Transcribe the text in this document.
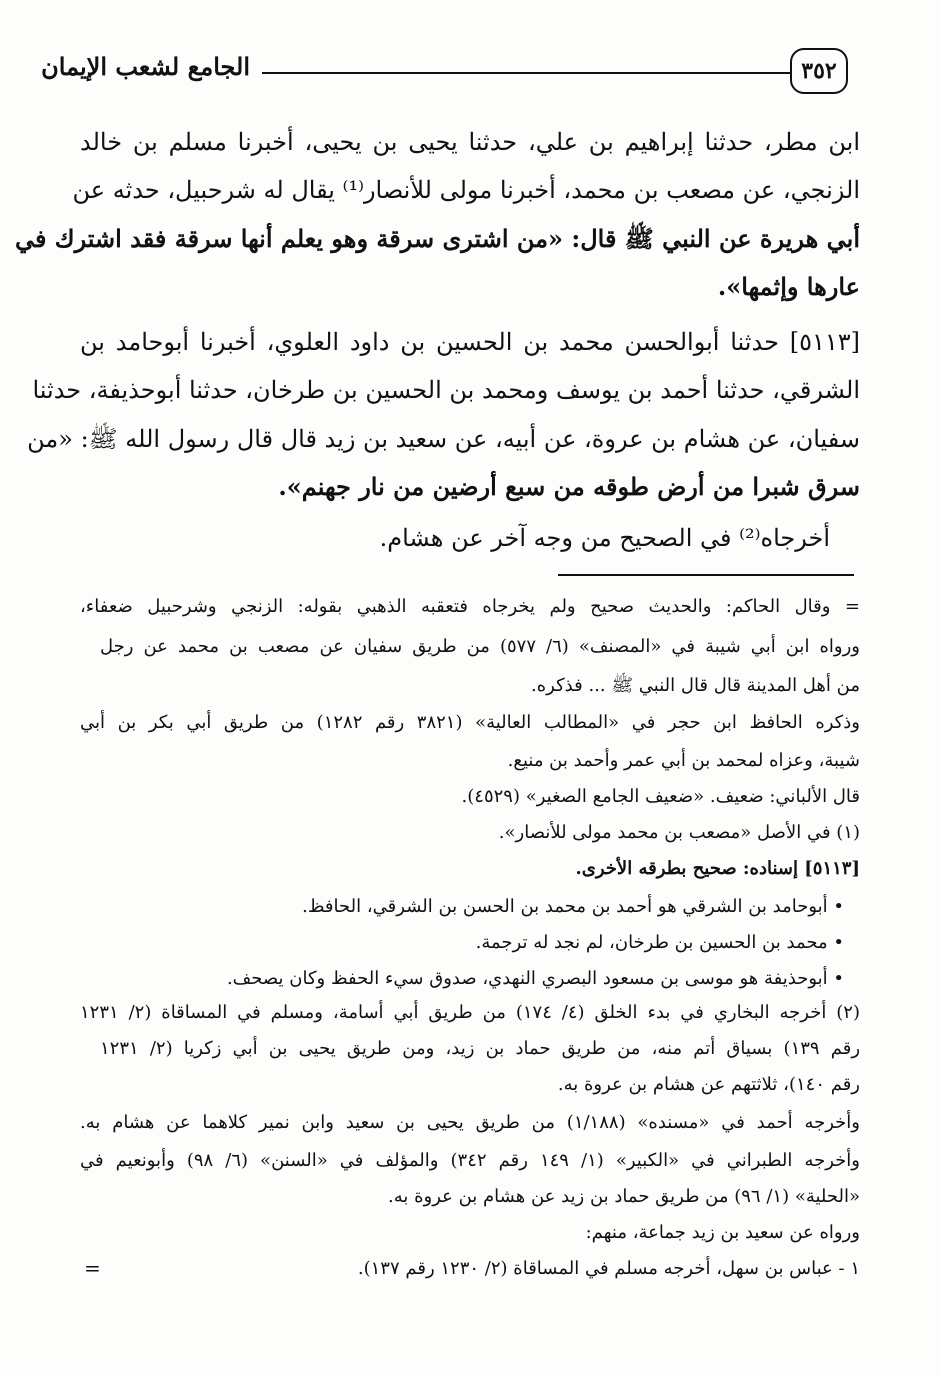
٣٥٢
الجامع لشعب الإيمان
ابن مطر، حدثنا إبراهيم بن علي، حدثنا يحيى بن يحيى، أخبرنا مسلم بن خالد
الزنجي، عن مصعب بن محمد، أخبرنا مولى للأنصار⁽¹⁾ يقال له شرحبيل، حدثه عن
أبي هريرة عن النبي ﷺ قال: «من اشترى سرقة وهو يعلم أنها سرقة فقد اشترك في
عارها وإثمها».
[٥١١٣] حدثنا أبوالحسن محمد بن الحسين بن داود العلوي، أخبرنا أبوحامد بن
الشرقي، حدثنا أحمد بن يوسف ومحمد بن الحسين بن طرخان، حدثنا أبوحذيفة، حدثنا
سفيان، عن هشام بن عروة، عن أبيه، عن سعيد بن زيد قال قال رسول الله ﷺ: «من
سرق شبرا من أرض طوقه من سبع أرضين من نار جهنم».
أخرجاه⁽²⁾ في الصحيح من وجه آخر عن هشام.
= وقال الحاكم: والحديث صحيح ولم يخرجاه فتعقبه الذهبي بقوله: الزنجي وشرحبيل ضعفاء،
ورواه ابن أبي شيبة في «المصنف» (٦/ ٥٧٧) من طريق سفيان عن مصعب بن محمد عن رجل
من أهل المدينة قال قال النبي ﷺ ... فذكره.
وذكره الحافظ ابن حجر في «المطالب العالية» (٣٨٢١ رقم ١٢٨٢) من طريق أبي بكر بن أبي
شيبة، وعزاه لمحمد بن أبي عمر وأحمد بن منيع.
قال الألباني: ضعيف. «ضعيف الجامع الصغير» (٤٥٢٩).
(١) في الأصل «مصعب بن محمد مولى للأنصار».
[٥١١٣] إسناده: صحيح بطرقه الأخرى.
• أبوحامد بن الشرقي هو أحمد بن محمد بن الحسن بن الشرقي، الحافظ.
• محمد بن الحسين بن طرخان، لم نجد له ترجمة.
• أبوحذيفة هو موسى بن مسعود البصري النهدي، صدوق سيء الحفظ وكان يصحف.
(٢) أخرجه البخاري في بدء الخلق (٤/ ١٧٤) من طريق أبي أسامة، ومسلم في المساقاة (٢/ ١٢٣١
رقم ١٣٩) بسياق أتم منه، من طريق حماد بن زيد، ومن طريق يحيى بن أبي زكريا (٢/ ١٢٣١
رقم ١٤٠)، ثلاثتهم عن هشام بن عروة به.
وأخرجه أحمد في «مسنده» (١/١٨٨) من طريق يحيى بن سعيد وابن نمير كلاهما عن هشام به.
وأخرجه الطبراني في «الكبير» (١/ ١٤٩ رقم ٣٤٢) والمؤلف في «السنن» (٦/ ٩٨) وأبونعيم في
«الحلية» (١/ ٩٦) من طريق حماد بن زيد عن هشام بن عروة به.
ورواه عن سعيد بن زيد جماعة، منهم:
١ - عباس بن سهل، أخرجه مسلم في المساقاة (٢/ ١٢٣٠ رقم ١٣٧).
=
